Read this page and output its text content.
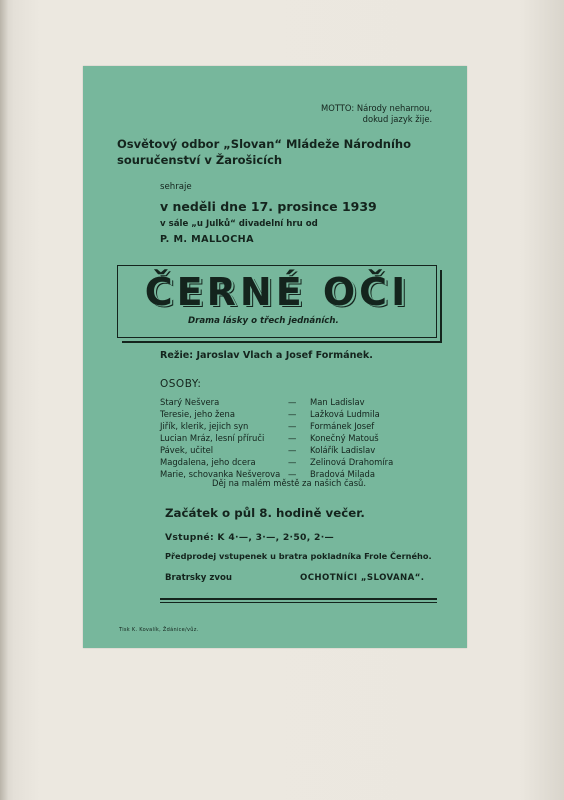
MOTTO: Národy neharnou,
dokud jazyk žije.
Osvětový odbor „Slovan“ Mládeže Národního
souručenství v Žarošicích
sehraje
v neděli dne 17. prosince 1939
v sále „u Julků“ divadelní hru od
P. M. MALLOCHA
ČERNÉ OČI
Drama lásky o třech jednáních.
Režie: Jaroslav Vlach a Josef Formánek.
OSOBY:
Starý Nešvera	— Man Ladislav
Teresie, jeho žena	— Lažková Ludmila
Jiřík, klerik, jejich syn	— Formánek Josef
Lucian Mráz, lesní příruči	— Konečný Matouš
Pávek, učitel	— Kolářík Ladislav
Magdalena, jeho dcera	— Zelinová Drahomíra
Marie, schovanka Nešverova — Bradová Milada
Děj na malém městě za našich časů.
Začátek o půl 8. hodině večer.
Vstupné: K 4·—, 3·—, 2·50, 2·—
Předprodej vstupenek u bratra pokladníka Frole Černého.
Bratrsky zvou	OCHOTNÍCI „SLOVANA“.
Tisk K. Kovalík, Ždánice/vůz.
